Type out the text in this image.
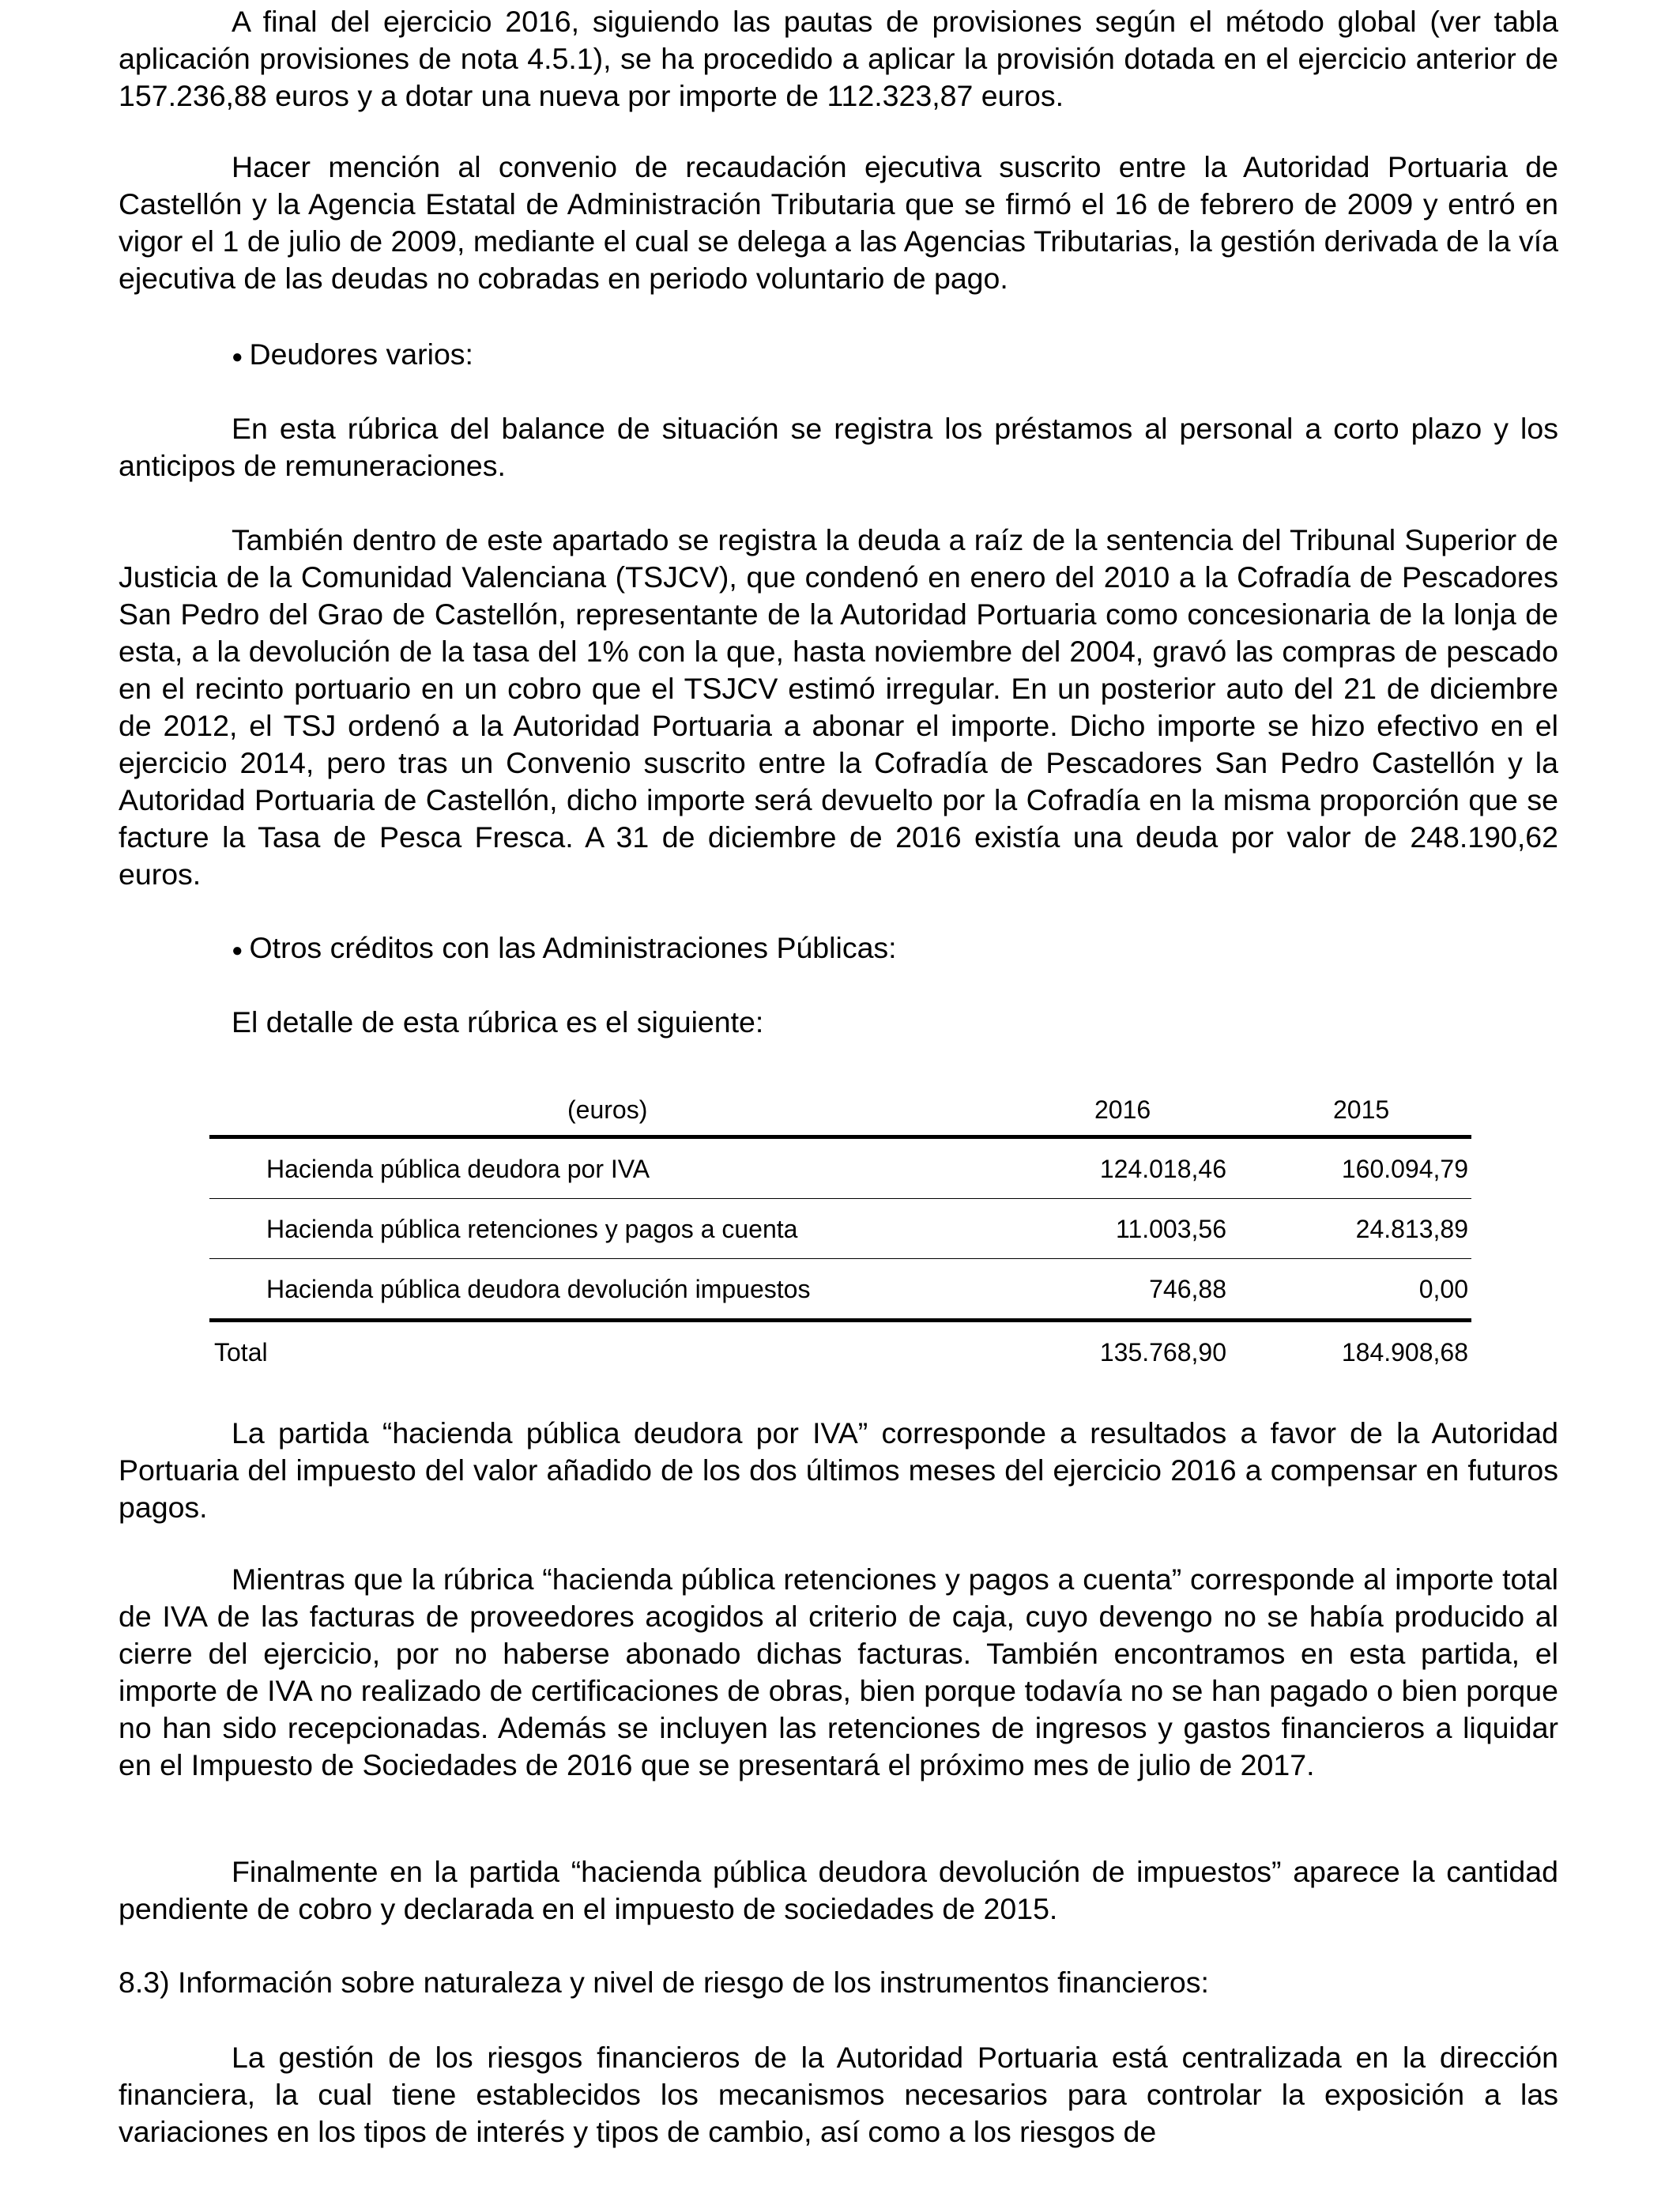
A final del ejercicio 2016, siguiendo las pautas de provisiones según el método global (ver tabla aplicación provisiones de nota 4.5.1), se ha procedido a aplicar la provisión dotada en el ejercicio anterior de 157.236,88 euros y a dotar una nueva por importe de 112.323,87 euros.

Hacer mención al convenio de recaudación ejecutiva suscrito entre la Autoridad Portuaria de Castellón y la Agencia Estatal de Administración Tributaria que se firmó el 16 de febrero de 2009 y entró en vigor el 1 de julio de 2009, mediante el cual se delega a las Agencias Tributarias, la gestión derivada de la vía ejecutiva de las deudas no cobradas en periodo voluntario de pago.

● Deudores varios:

En esta rúbrica del balance de situación se registra los préstamos al personal a corto plazo y los anticipos de remuneraciones.

También dentro de este apartado se registra la deuda a raíz de la sentencia del Tribunal Superior de Justicia de la Comunidad Valenciana (TSJCV), que condenó en enero del 2010 a la Cofradía de Pescadores San Pedro del Grao de Castellón, representante de la Autoridad Portuaria como concesionaria de la lonja de esta, a la devolución de la tasa del 1% con la que, hasta noviembre del 2004, gravó las compras de pescado en el recinto portuario en un cobro que el TSJCV estimó irregular. En un posterior auto del 21 de diciembre de 2012, el TSJ ordenó a la Autoridad Portuaria a abonar el importe. Dicho importe se hizo efectivo en el ejercicio 2014, pero tras un Convenio suscrito entre la Cofradía de Pescadores San Pedro Castellón y la Autoridad Portuaria de Castellón, dicho importe será devuelto por la Cofradía en la misma proporción que se facture la Tasa de Pesca Fresca. A 31 de diciembre de 2016 existía una deuda por valor de 248.190,62 euros.

● Otros créditos con las Administraciones Públicas:

El detalle de esta rúbrica es el siguiente:

(euros)	2016	2015
Hacienda pública deudora por IVA	124.018,46	160.094,79
Hacienda pública retenciones y pagos a cuenta	11.003,56	24.813,89
Hacienda pública deudora devolución impuestos	746,88	0,00
Total	135.768,90	184.908,68

La partida “hacienda pública deudora por IVA” corresponde a resultados a favor de la Autoridad Portuaria del impuesto del valor añadido de los dos últimos meses del ejercicio 2016 a compensar en futuros pagos.

Mientras que la rúbrica “hacienda pública retenciones y pagos a cuenta” corresponde al importe total de IVA de las facturas de proveedores acogidos al criterio de caja, cuyo devengo no se había producido al cierre del ejercicio, por no haberse abonado dichas facturas. También encontramos en esta partida, el importe de IVA no realizado de certificaciones de obras, bien porque todavía no se han pagado o bien porque no han sido recepcionadas. Además se incluyen las retenciones de ingresos y gastos financieros a liquidar en el Impuesto de Sociedades de 2016 que se presentará el próximo mes de julio de 2017.

Finalmente en la partida “hacienda pública deudora devolución de impuestos” aparece la cantidad pendiente de cobro y declarada en el impuesto de sociedades de 2015.

8.3) Información sobre naturaleza y nivel de riesgo de los instrumentos financieros:

La gestión de los riesgos financieros de la Autoridad Portuaria está centralizada en la dirección financiera, la cual tiene establecidos los mecanismos necesarios para controlar la exposición a las variaciones en los tipos de interés y tipos de cambio, así como a los riesgos de
